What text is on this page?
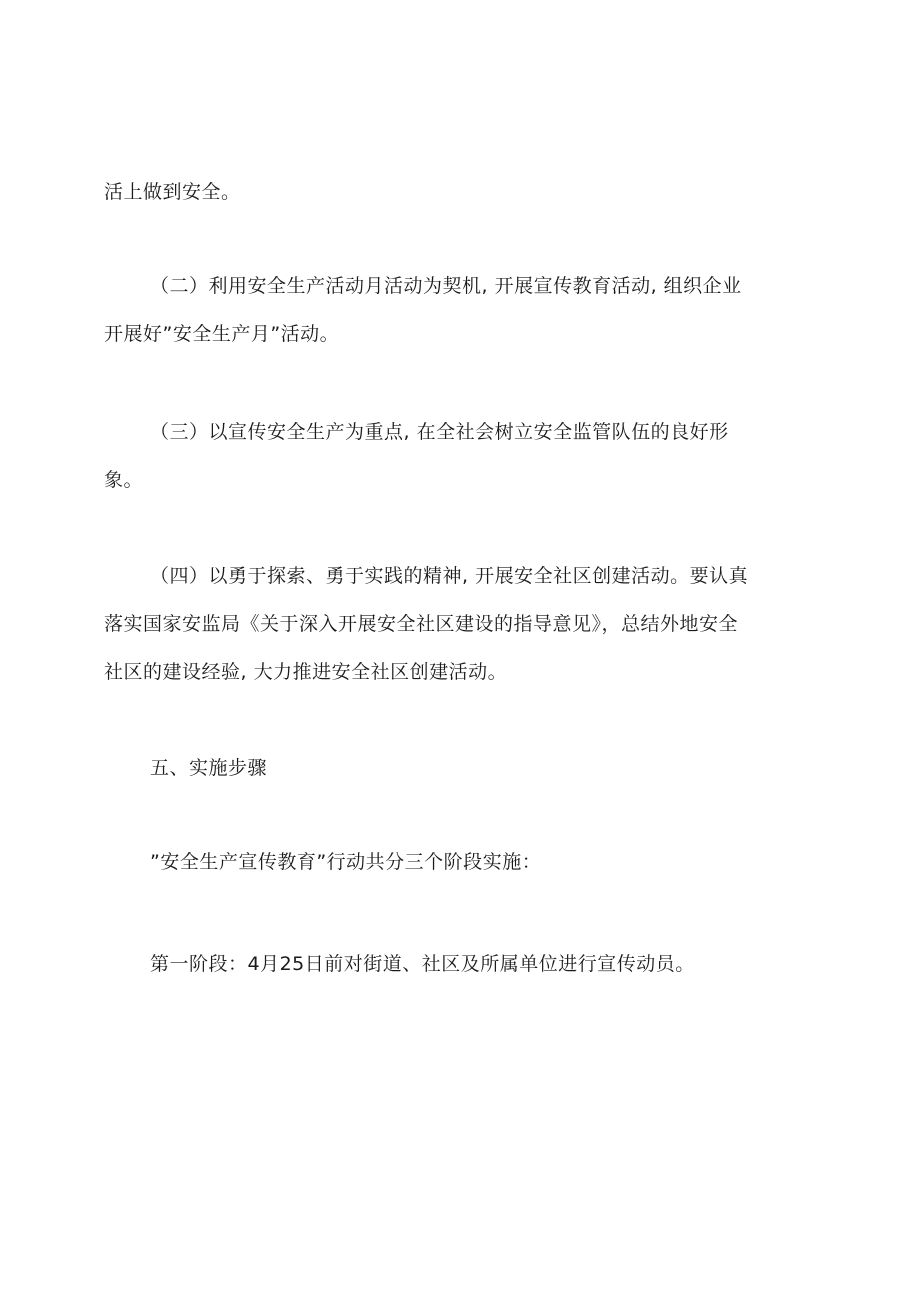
活上做到安全。
（二）利用安全生产活动月活动为契机, 开展宣传教育活动, 组织企业
开展好”安全生产月”活动。
（三）以宣传安全生产为重点, 在全社会树立安全监管队伍的良好形
象。
（四）以勇于探索、勇于实践的精神, 开展安全社区创建活动。要认真
落实国家安监局《关于深入开展安全社区建设的指导意见》，总结外地安全
社区的建设经验, 大力推进安全社区创建活动。
五、实施步骤
”安全生产宣传教育”行动共分三个阶段实施：
第一阶段：4月25日前对街道、社区及所属单位进行宣传动员。
